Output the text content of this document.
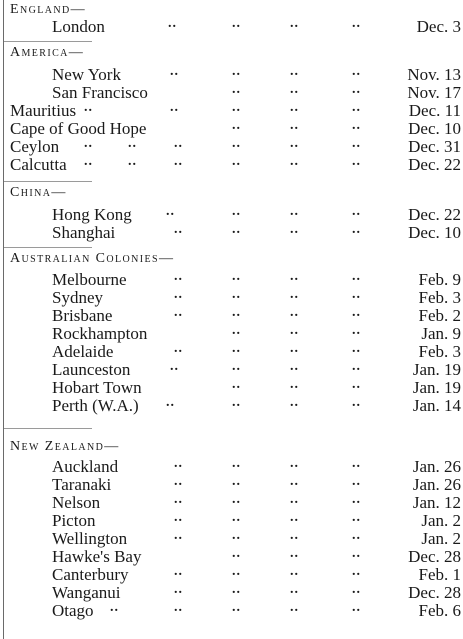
England—
London	..	..	..	..	Dec. 3
America—
New York	..	..	..	..	Nov. 13
San Francisco	..	..	..	Nov. 17
Mauritius ..	..	..	..	..	Dec. 11
Cape of Good Hope	..	..	..	Dec. 10
Ceylon ..	..	..	..	..	..	Dec. 31
Calcutta ..	..	..	..	..	..	Dec. 22
China—
Hong Kong ..	..	..	..	Dec. 22
Shanghai	..	..	..	..	Dec. 10
Australian Colonies—
Melbourne	..	..	..	..	Feb. 9
Sydney	..	..	..	..	Feb. 3
Brisbane	..	..	..	..	Feb. 2
Rockhampton	..	..	..	Jan. 9
Adelaide	..	..	..	..	Feb. 3
Launceston	..	..	..	..	Jan. 19
Hobart Town	..	..	..	Jan. 19
Perth (W.A.) ..	..	..	..	Jan. 14
New Zealand—
Auckland	..	..	..	..	Jan. 26
Taranaki	..	..	..	..	Jan. 26
Nelson	..	..	..	..	Jan. 12
Picton	..	..	..	..	Jan. 2
Wellington	..	..	..	..	Jan. 2
Hawke's Bay	..	..	..	Dec. 28
Canterbury	..	..	..	..	Feb. 1
Wanganui	..	..	..	..	Dec. 28
Otago ..	..	..	..	..	Feb. 6
